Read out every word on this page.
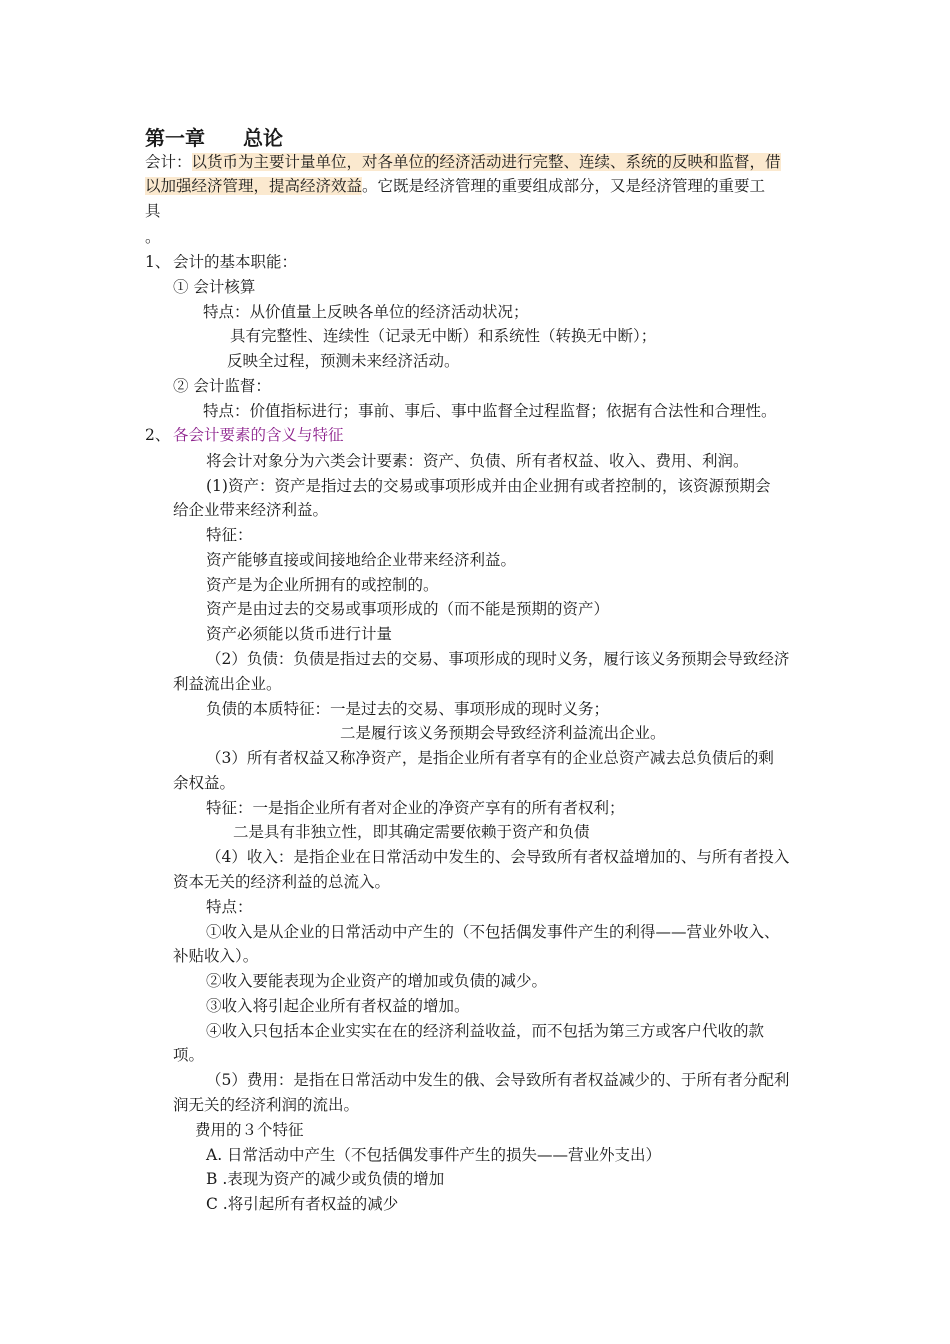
第一章 总论
会计：以货币为主要计量单位，对各单位的经济活动进行完整、连续、系统的反映和监督，借
以加强经济管理，提高经济效益。它既是经济管理的重要组成部分，又是经济管理的重要工
具
。
1、 会计的基本职能：
① 会计核算
特点：从价值量上反映各单位的经济活动状况；
具有完整性、连续性（记录无中断）和系统性（转换无中断）；
反映全过程，预测未来经济活动。
② 会计监督：
特点：价值指标进行；事前、事后、事中监督全过程监督；依据有合法性和合理性。
2、 各会计要素的含义与特征
将会计对象分为六类会计要素：资产、负债、所有者权益、收入、费用、利润。
(1)资产：资产是指过去的交易或事项形成并由企业拥有或者控制的，该资源预期会
给企业带来经济利益。
特征：
资产能够直接或间接地给企业带来经济利益。
资产是为企业所拥有的或控制的。
资产是由过去的交易或事项形成的（而不能是预期的资产）
资产必须能以货币进行计量
（2）负债：负债是指过去的交易、事项形成的现时义务，履行该义务预期会导致经济
利益流出企业。
负债的本质特征：一是过去的交易、事项形成的现时义务；
二是履行该义务预期会导致经济利益流出企业。
（3）所有者权益又称净资产，是指企业所有者享有的企业总资产减去总负债后的剩
余权益。
特征：一是指企业所有者对企业的净资产享有的所有者权利；
二是具有非独立性，即其确定需要依赖于资产和负债
（4）收入：是指企业在日常活动中发生的、会导致所有者权益增加的、与所有者投入
资本无关的经济利益的总流入。
特点：
①收入是从企业的日常活动中产生的（不包括偶发事件产生的利得——营业外收入、
补贴收入）。
②收入要能表现为企业资产的增加或负债的减少。
③收入将引起企业所有者权益的增加。
④收入只包括本企业实实在在的经济利益收益，而不包括为第三方或客户代收的款
项。
（5）费用：是指在日常活动中发生的俄、会导致所有者权益减少的、于所有者分配利
润无关的经济利润的流出。
费用的３个特征
A. 日常活动中产生（不包括偶发事件产生的损失——营业外支出）
B .表现为资产的减少或负债的增加
C .将引起所有者权益的减少
